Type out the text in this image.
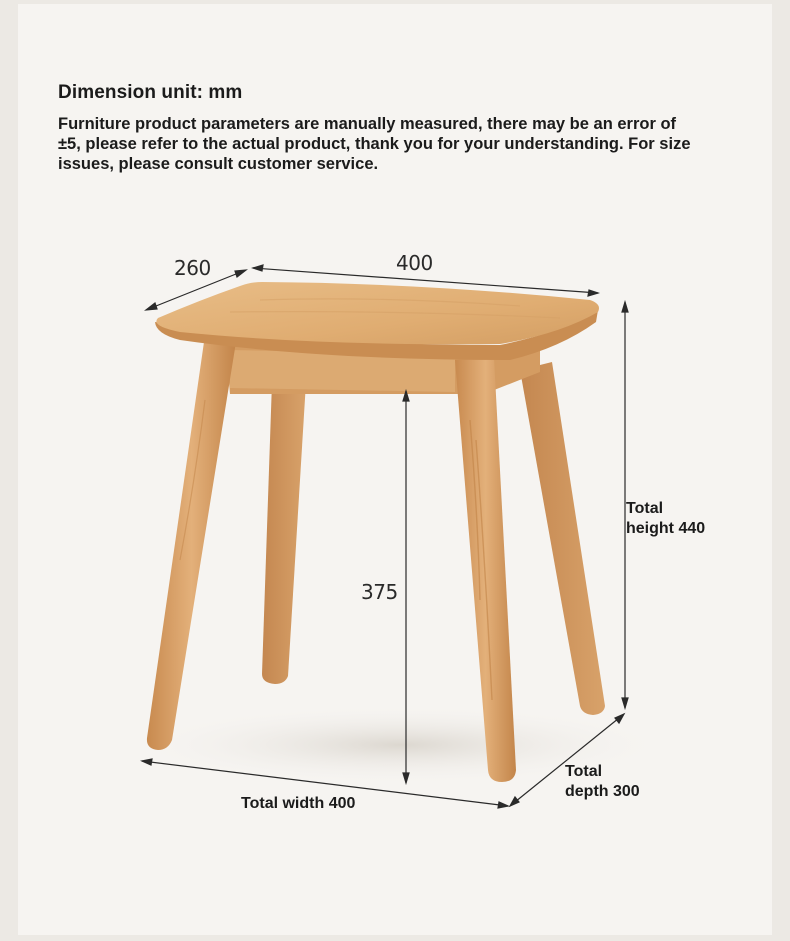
Dimension unit: mm

Furniture product parameters are manually measured, there may be an error of ±5, please refer to the actual product, thank you for your understanding. For size issues, please consult customer service.

260	400
375
Total
height 440
Total width 400
Total
depth 300
